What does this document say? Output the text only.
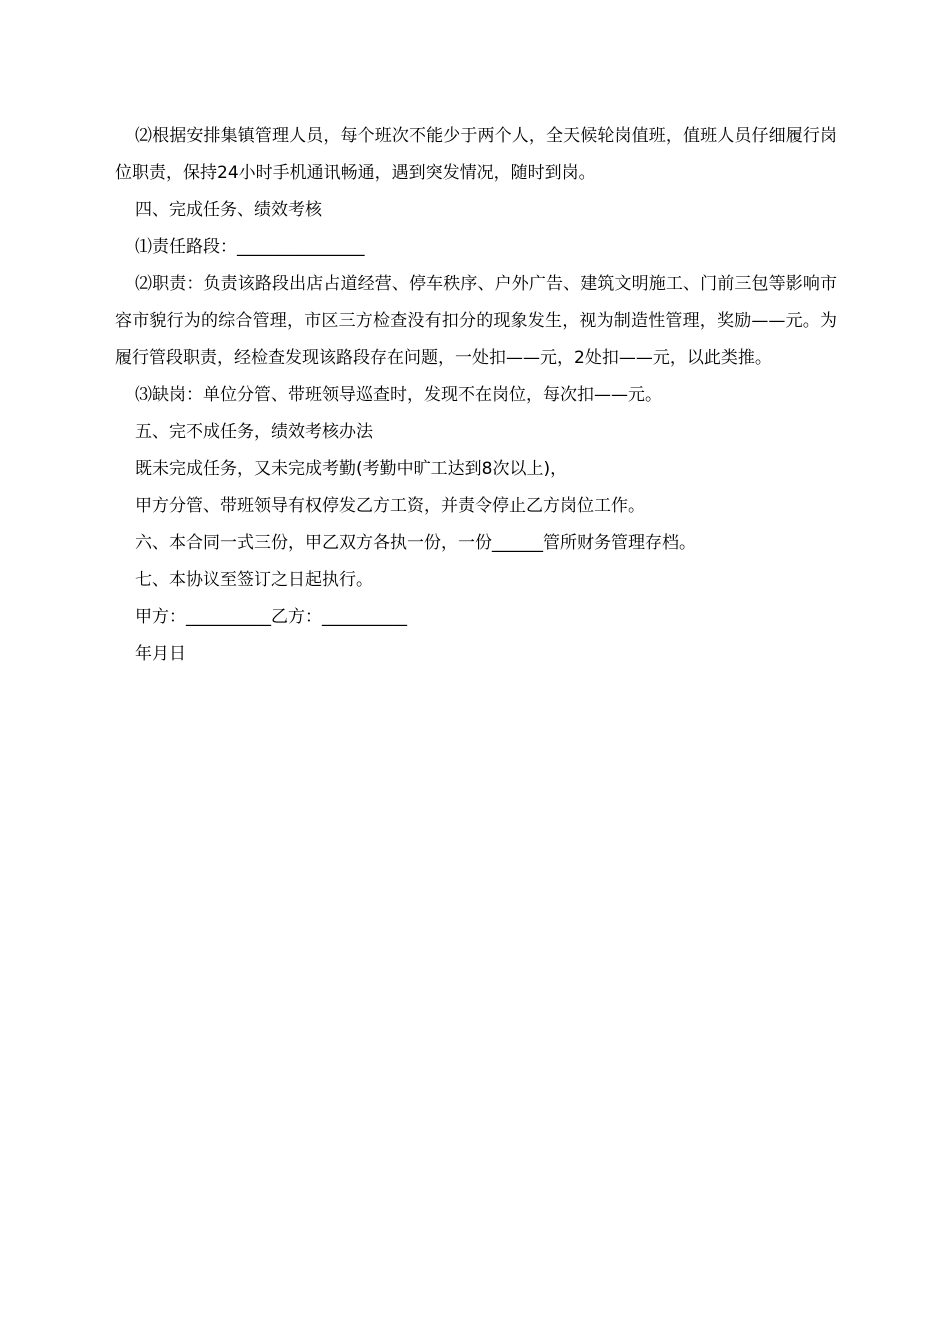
⑵根据安排集镇管理人员，每个班次不能少于两个人，全天候轮岗值班，值班人员仔细履行岗位职责，保持24小时手机通讯畅通，遇到突发情况，随时到岗。

四、完成任务、绩效考核

⑴责任路段：_______________

⑵职责：负责该路段出店占道经营、停车秩序、户外广告、建筑文明施工、门前三包等影响市容市貌行为的综合管理，市区三方检查没有扣分的现象发生，视为制造性管理，奖励——元。为履行管段职责，经检查发现该路段存在问题，一处扣——元，2处扣——元，以此类推。

⑶缺岗：单位分管、带班领导巡查时，发现不在岗位，每次扣——元。

五、完不成任务，绩效考核办法

既未完成任务，又未完成考勤(考勤中旷工达到8次以上)，

甲方分管、带班领导有权停发乙方工资，并责令停止乙方岗位工作。

六、本合同一式三份，甲乙双方各执一份，一份______管所财务管理存档。

七、本协议至签订之日起执行。

甲方：__________乙方：__________

年月日
